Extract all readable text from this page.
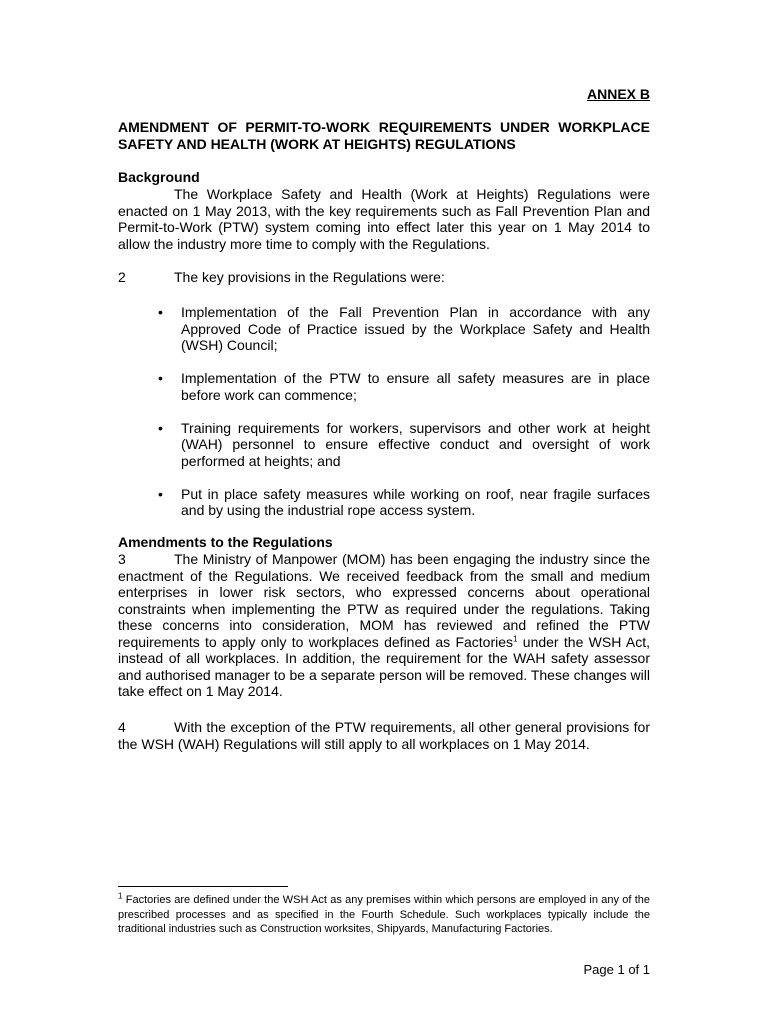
ANNEX B

AMENDMENT OF PERMIT-TO-WORK REQUIREMENTS UNDER WORKPLACE SAFETY AND HEALTH (WORK AT HEIGHTS) REGULATIONS

Background

The Workplace Safety and Health (Work at Heights) Regulations were enacted on 1 May 2013, with the key requirements such as Fall Prevention Plan and Permit-to-Work (PTW) system coming into effect later this year on 1 May 2014 to allow the industry more time to comply with the Regulations.

2	The key provisions in the Regulations were:

• Implementation of the Fall Prevention Plan in accordance with any Approved Code of Practice issued by the Workplace Safety and Health (WSH) Council;
• Implementation of the PTW to ensure all safety measures are in place before work can commence;
• Training requirements for workers, supervisors and other work at height (WAH) personnel to ensure effective conduct and oversight of work performed at heights; and
• Put in place safety measures while working on roof, near fragile surfaces and by using the industrial rope access system.

Amendments to the Regulations

3	The Ministry of Manpower (MOM) has been engaging the industry since the enactment of the Regulations. We received feedback from the small and medium enterprises in lower risk sectors, who expressed concerns about operational constraints when implementing the PTW as required under the regulations. Taking these concerns into consideration, MOM has reviewed and refined the PTW requirements to apply only to workplaces defined as Factories$^1$ under the WSH Act, instead of all workplaces. In addition, the requirement for the WAH safety assessor and authorised manager to be a separate person will be removed. These changes will take effect on 1 May 2014.

4	With the exception of the PTW requirements, all other general provisions for the WSH (WAH) Regulations will still apply to all workplaces on 1 May 2014.

$^1$ Factories are defined under the WSH Act as any premises within which persons are employed in any of the prescribed processes and as specified in the Fourth Schedule. Such workplaces typically include the traditional industries such as Construction worksites, Shipyards, Manufacturing Factories.

Page 1 of 1
